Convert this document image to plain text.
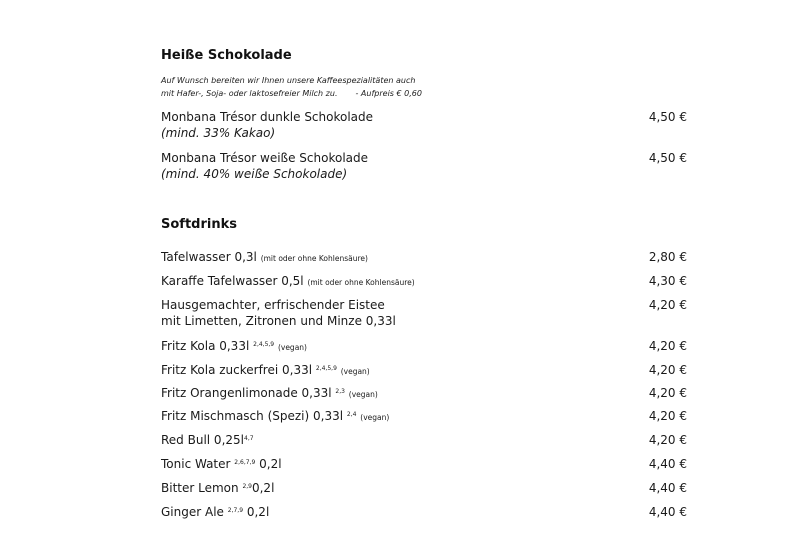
Heiße Schokolade
Auf Wunsch bereiten wir Ihnen unsere Kaffeespezialitäten auch
mit Hafer-, Soja- oder laktosefreier Milch zu. - Aufpreis € 0,60
Monbana Trésor dunkle Schokolade
(mind. 33% Kakao)
4,50 €
Monbana Trésor weiße Schokolade
(mind. 40% weiße Schokolade)
4,50 €
Softdrinks
Tafelwasser 0,3l (mit oder ohne Kohlensäure)	2,80 €
Karaffe Tafelwasser 0,5l (mit oder ohne Kohlensäure)	4,30 €
Hausgemachter, erfrischender Eistee
mit Limetten, Zitronen und Minze 0,33l
4,20 €
Fritz Kola 0,33l $^{2,4,5,9}$ (vegan)	4,20 €
Fritz Kola zuckerfrei 0,33l $^{2,4,5,9}$ (vegan)	4,20 €
Fritz Orangenlimonade 0,33l $^{2,3}$ (vegan)	4,20 €
Fritz Mischmasch (Spezi) 0,33l $^{2,4}$ (vegan)	4,20 €
Red Bull $0,25l^{4,7}$	4,20 €
Tonic Water $^{2,6,7,9}$ 0,2l	4,40 €
Bitter Lemon $^{2,9}$0,2l	4,40 €
Ginger Ale $^{2,7,9}$ 0,2l	4,40 €
